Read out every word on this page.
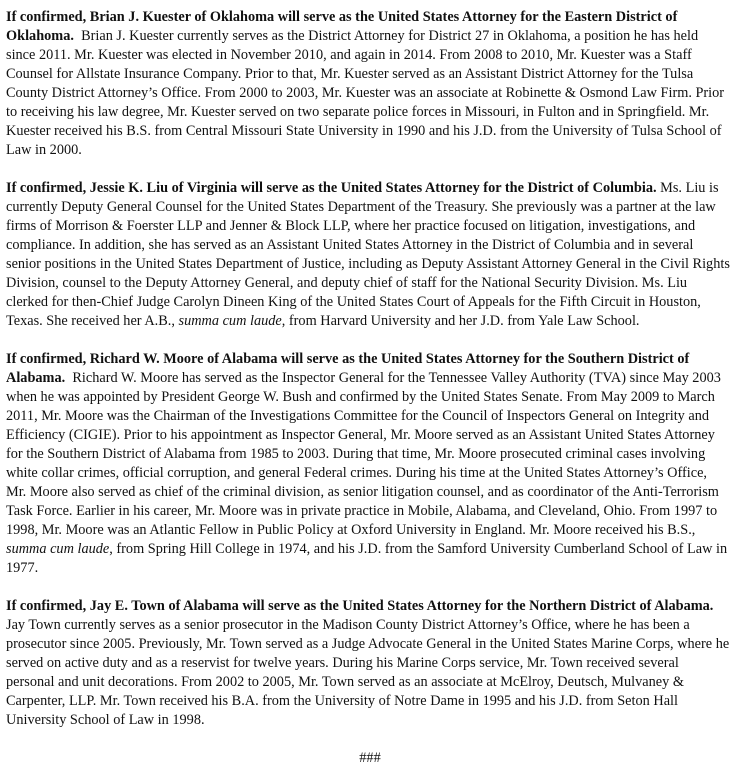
If confirmed, Brian J. Kuester of Oklahoma will serve as the United States Attorney for the Eastern District of Oklahoma. Brian J. Kuester currently serves as the District Attorney for District 27 in Oklahoma, a position he has held since 2011. Mr. Kuester was elected in November 2010, and again in 2014. From 2008 to 2010, Mr. Kuester was a Staff Counsel for Allstate Insurance Company. Prior to that, Mr. Kuester served as an Assistant District Attorney for the Tulsa County District Attorney’s Office. From 2000 to 2003, Mr. Kuester was an associate at Robinette & Osmond Law Firm. Prior to receiving his law degree, Mr. Kuester served on two separate police forces in Missouri, in Fulton and in Springfield. Mr. Kuester received his B.S. from Central Missouri State University in 1990 and his J.D. from the University of Tulsa School of Law in 2000.

If confirmed, Jessie K. Liu of Virginia will serve as the United States Attorney for the District of Columbia. Ms. Liu is currently Deputy General Counsel for the United States Department of the Treasury. She previously was a partner at the law firms of Morrison & Foerster LLP and Jenner & Block LLP, where her practice focused on litigation, investigations, and compliance. In addition, she has served as an Assistant United States Attorney in the District of Columbia and in several senior positions in the United States Department of Justice, including as Deputy Assistant Attorney General in the Civil Rights Division, counsel to the Deputy Attorney General, and deputy chief of staff for the National Security Division. Ms. Liu clerked for then-Chief Judge Carolyn Dineen King of the United States Court of Appeals for the Fifth Circuit in Houston, Texas. She received her A.B., summa cum laude, from Harvard University and her J.D. from Yale Law School.

If confirmed, Richard W. Moore of Alabama will serve as the United States Attorney for the Southern District of Alabama. Richard W. Moore has served as the Inspector General for the Tennessee Valley Authority (TVA) since May 2003 when he was appointed by President George W. Bush and confirmed by the United States Senate. From May 2009 to March 2011, Mr. Moore was the Chairman of the Investigations Committee for the Council of Inspectors General on Integrity and Efficiency (CIGIE). Prior to his appointment as Inspector General, Mr. Moore served as an Assistant United States Attorney for the Southern District of Alabama from 1985 to 2003. During that time, Mr. Moore prosecuted criminal cases involving white collar crimes, official corruption, and general Federal crimes. During his time at the United States Attorney’s Office, Mr. Moore also served as chief of the criminal division, as senior litigation counsel, and as coordinator of the Anti-Terrorism Task Force. Earlier in his career, Mr. Moore was in private practice in Mobile, Alabama, and Cleveland, Ohio. From 1997 to 1998, Mr. Moore was an Atlantic Fellow in Public Policy at Oxford University in England. Mr. Moore received his B.S., summa cum laude, from Spring Hill College in 1974, and his J.D. from the Samford University Cumberland School of Law in 1977.

If confirmed, Jay E. Town of Alabama will serve as the United States Attorney for the Northern District of Alabama.  Jay Town currently serves as a senior prosecutor in the Madison County District Attorney’s Office, where he has been a prosecutor since 2005. Previously, Mr. Town served as a Judge Advocate General in the United States Marine Corps, where he served on active duty and as a reservist for twelve years. During his Marine Corps service, Mr. Town received several personal and unit decorations. From 2002 to 2005, Mr. Town served as an associate at McElroy, Deutsch, Mulvaney & Carpenter, LLP. Mr. Town received his B.A. from the University of Notre Dame in 1995 and his J.D. from Seton Hall University School of Law in 1998.

###
